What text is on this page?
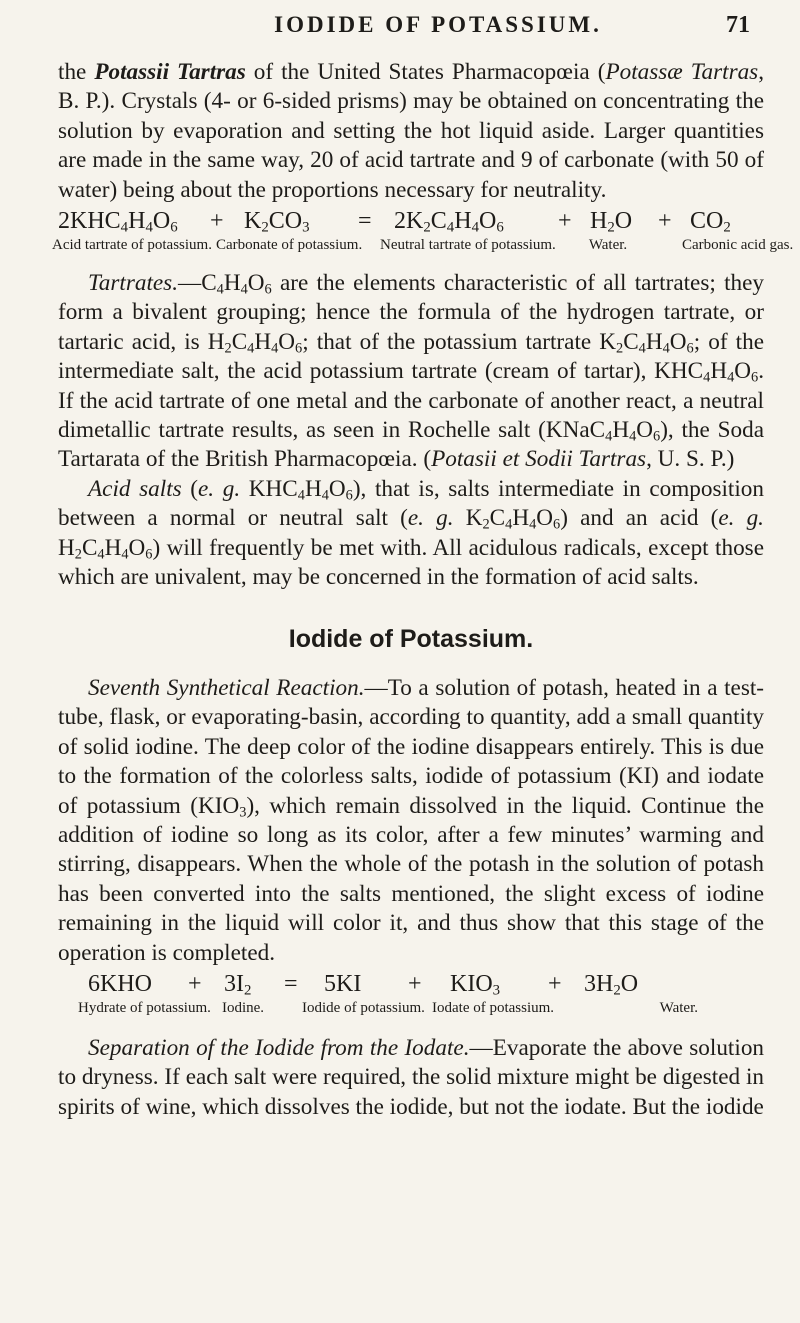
IODIDE OF POTASSIUM.	71

the Potassii Tartras of the United States Pharmacopœia (Potassæ Tartras, B. P.). Crystals (4- or 6-sided prisms) may be obtained on concentrating the solution by evaporation and setting the hot liquid aside. Larger quantities are made in the same way, 20 of acid tartrate and 9 of carbonate (with 50 of water) being about the proportions necessary for neutrality.

$2KHC_4H_4O_6 + K_2CO_3 = 2K_2C_4H_4O_6 + H_2O + CO_2$
Acid tartrate of potassium. Carbonate of potassium. Neutral tartrate of potassium.	Water.	Carbonic acid gas.

$Tartrates.—C_4H_4O_6$ are the elements characteristic of all tartrates; they form a bivalent grouping; hence the formula of the hydrogen tartrate, or tartaric acid, is $H_2C_4H_4O_6$; that of the potassium tartrate $K_2C_4H_4O_6$; of the intermediate salt, the acid potassium tartrate (cream of tartar), $KHC_4H_4O_6$. If the acid tartrate of one metal and the carbonate of another react, a neutral dimetallic tartrate results, as seen in Rochelle salt $(KNaC_4H_4O_6)$, the Soda Tartarata of the British Pharmacopœia. (Potasii et Sodii Tartras, U. S. P.)

Acid salts (e. g. $KHC_4H_4O_6$), that is, salts intermediate in composition between a normal or neutral salt (e. g. $K_2C_4H_4O_6$) and an acid (e. g. $H_2C_4H_4O_6$) will frequently be met with. All acidulous radicals, except those which are univalent, may be concerned in the formation of acid salts.

Iodide of Potassium.

Seventh Synthetical Reaction.—To a solution of potash, heated in a test-tube, flask, or evaporating-basin, according to quantity, add a small quantity of solid iodine. The deep color of the iodine disappears entirely. This is due to the formation of the colorless salts, iodide of potassium (KI) and iodate of potassium $(KIO_3)$, which remain dissolved in the liquid. Continue the addition of iodine so long as its color, after a few minutes’ warming and stirring, disappears. When the whole of the potash in the solution of potash has been converted into the salts mentioned, the slight excess of iodine remaining in the liquid will color it, and thus show that this stage of the operation is completed.

$6KHO + 3I_2 = 5KI + KIO_3 + 3H_2O$
Hydrate of potassium. Iodine.	Iodide of potassium. Iodate of potassium.	Water.

Separation of the Iodide from the Iodate.—Evaporate the above solution to dryness. If each salt were required, the solid mixture might be digested in spirits of wine, which dissolves the iodide, but not the iodate. But the iodide
